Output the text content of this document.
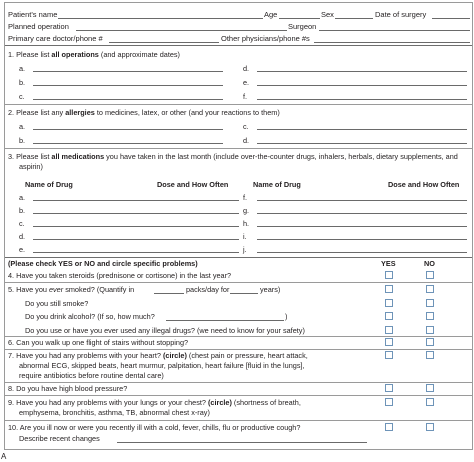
Patient's name	Age	Sex	Date of surgery
Planned operation	Surgeon
Primary care doctor/phone #	Other physicians/phone #s
1. Please list all operations (and approximate dates)
a.
b.
c.
d.
e.
f.
2. Please list any allergies to medicines, latex, or other (and your reactions to them)
a.
b.
c.
d.
3. Please list all medications you have taken in the last month (include over-the-counter drugs, inhalers, herbals, dietary supplements, and
aspirin)
Name of Drug	Dose and How Often	Name of Drug	Dose and How Often
a.
b.
c.
d.
e.
f.
g.
h.
i.
j.
(Please check YES or NO and circle specific problems)	YES	NO
4. Have you taken steroids (prednisone or cortisone) in the last year?
5. Have you ever smoked? (Quantify in	packs/day for	years)
Do you still smoke?
Do you drink alcohol? (If so, how much?	)
Do you use or have you ever used any illegal drugs? (we need to know for your safety)
6. Can you walk up one flight of stairs without stopping?
7. Have you had any problems with your heart? (circle) (chest pain or pressure, heart attack,
abnormal ECG, skipped beats, heart murmur, palpitation, heart failure [fluid in the lungs],
require antibiotics before routine dental care)
8. Do you have high blood pressure?
9. Have you had any problems with your lungs or your chest? (circle) (shortness of breath,
emphysema, bronchitis, asthma, TB, abnormal chest x-ray)
10. Are you ill now or were you recently ill with a cold, fever, chills, flu or productive cough?
Describe recent changes
A
